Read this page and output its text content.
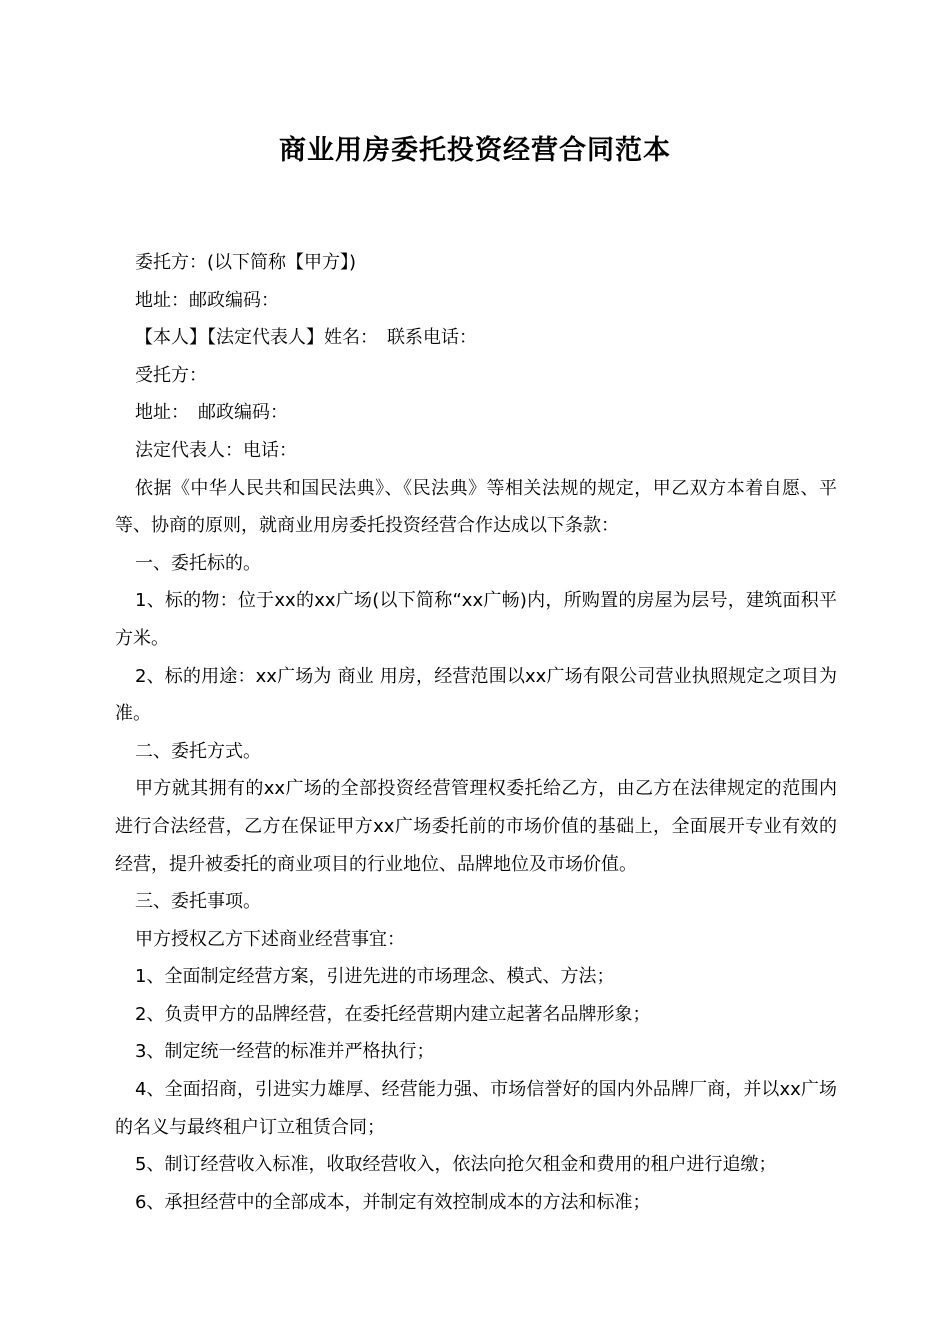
商业用房委托投资经营合同范本

委托方：(以下简称【甲方】)

地址：邮政编码：

【本人】【法定代表人】姓名：　联系电话：

受托方：

地址：　邮政编码：

法定代表人：电话：

依据《中华人民共和国民法典》、《民法典》等相关法规的规定，甲乙双方本着自愿、平等、协商的原则，就商业用房委托投资经营合作达成以下条款：

一、委托标的。

1、标的物：位于xx的xx广场(以下简称“xx广畅)内，所购置的房屋为层号，建筑面积平方米。

2、标的用途：xx广场为 商业 用房，经营范围以xx广场有限公司营业执照规定之项目为准。

二、委托方式。

甲方就其拥有的xx广场的全部投资经营管理权委托给乙方，由乙方在法律规定的范围内进行合法经营，乙方在保证甲方xx广场委托前的市场价值的基础上，全面展开专业有效的经营，提升被委托的商业项目的行业地位、品牌地位及市场价值。

三、委托事项。

甲方授权乙方下述商业经营事宜：

1、全面制定经营方案，引进先进的市场理念、模式、方法；

2、负责甲方的品牌经营，在委托经营期内建立起著名品牌形象；

3、制定统一经营的标准并严格执行；

4、全面招商，引进实力雄厚、经营能力强、市场信誉好的国内外品牌厂商，并以xx广场的名义与最终租户订立租赁合同；

5、制订经营收入标准，收取经营收入，依法向抢欠租金和费用的租户进行追缴；

6、承担经营中的全部成本，并制定有效控制成本的方法和标准；
